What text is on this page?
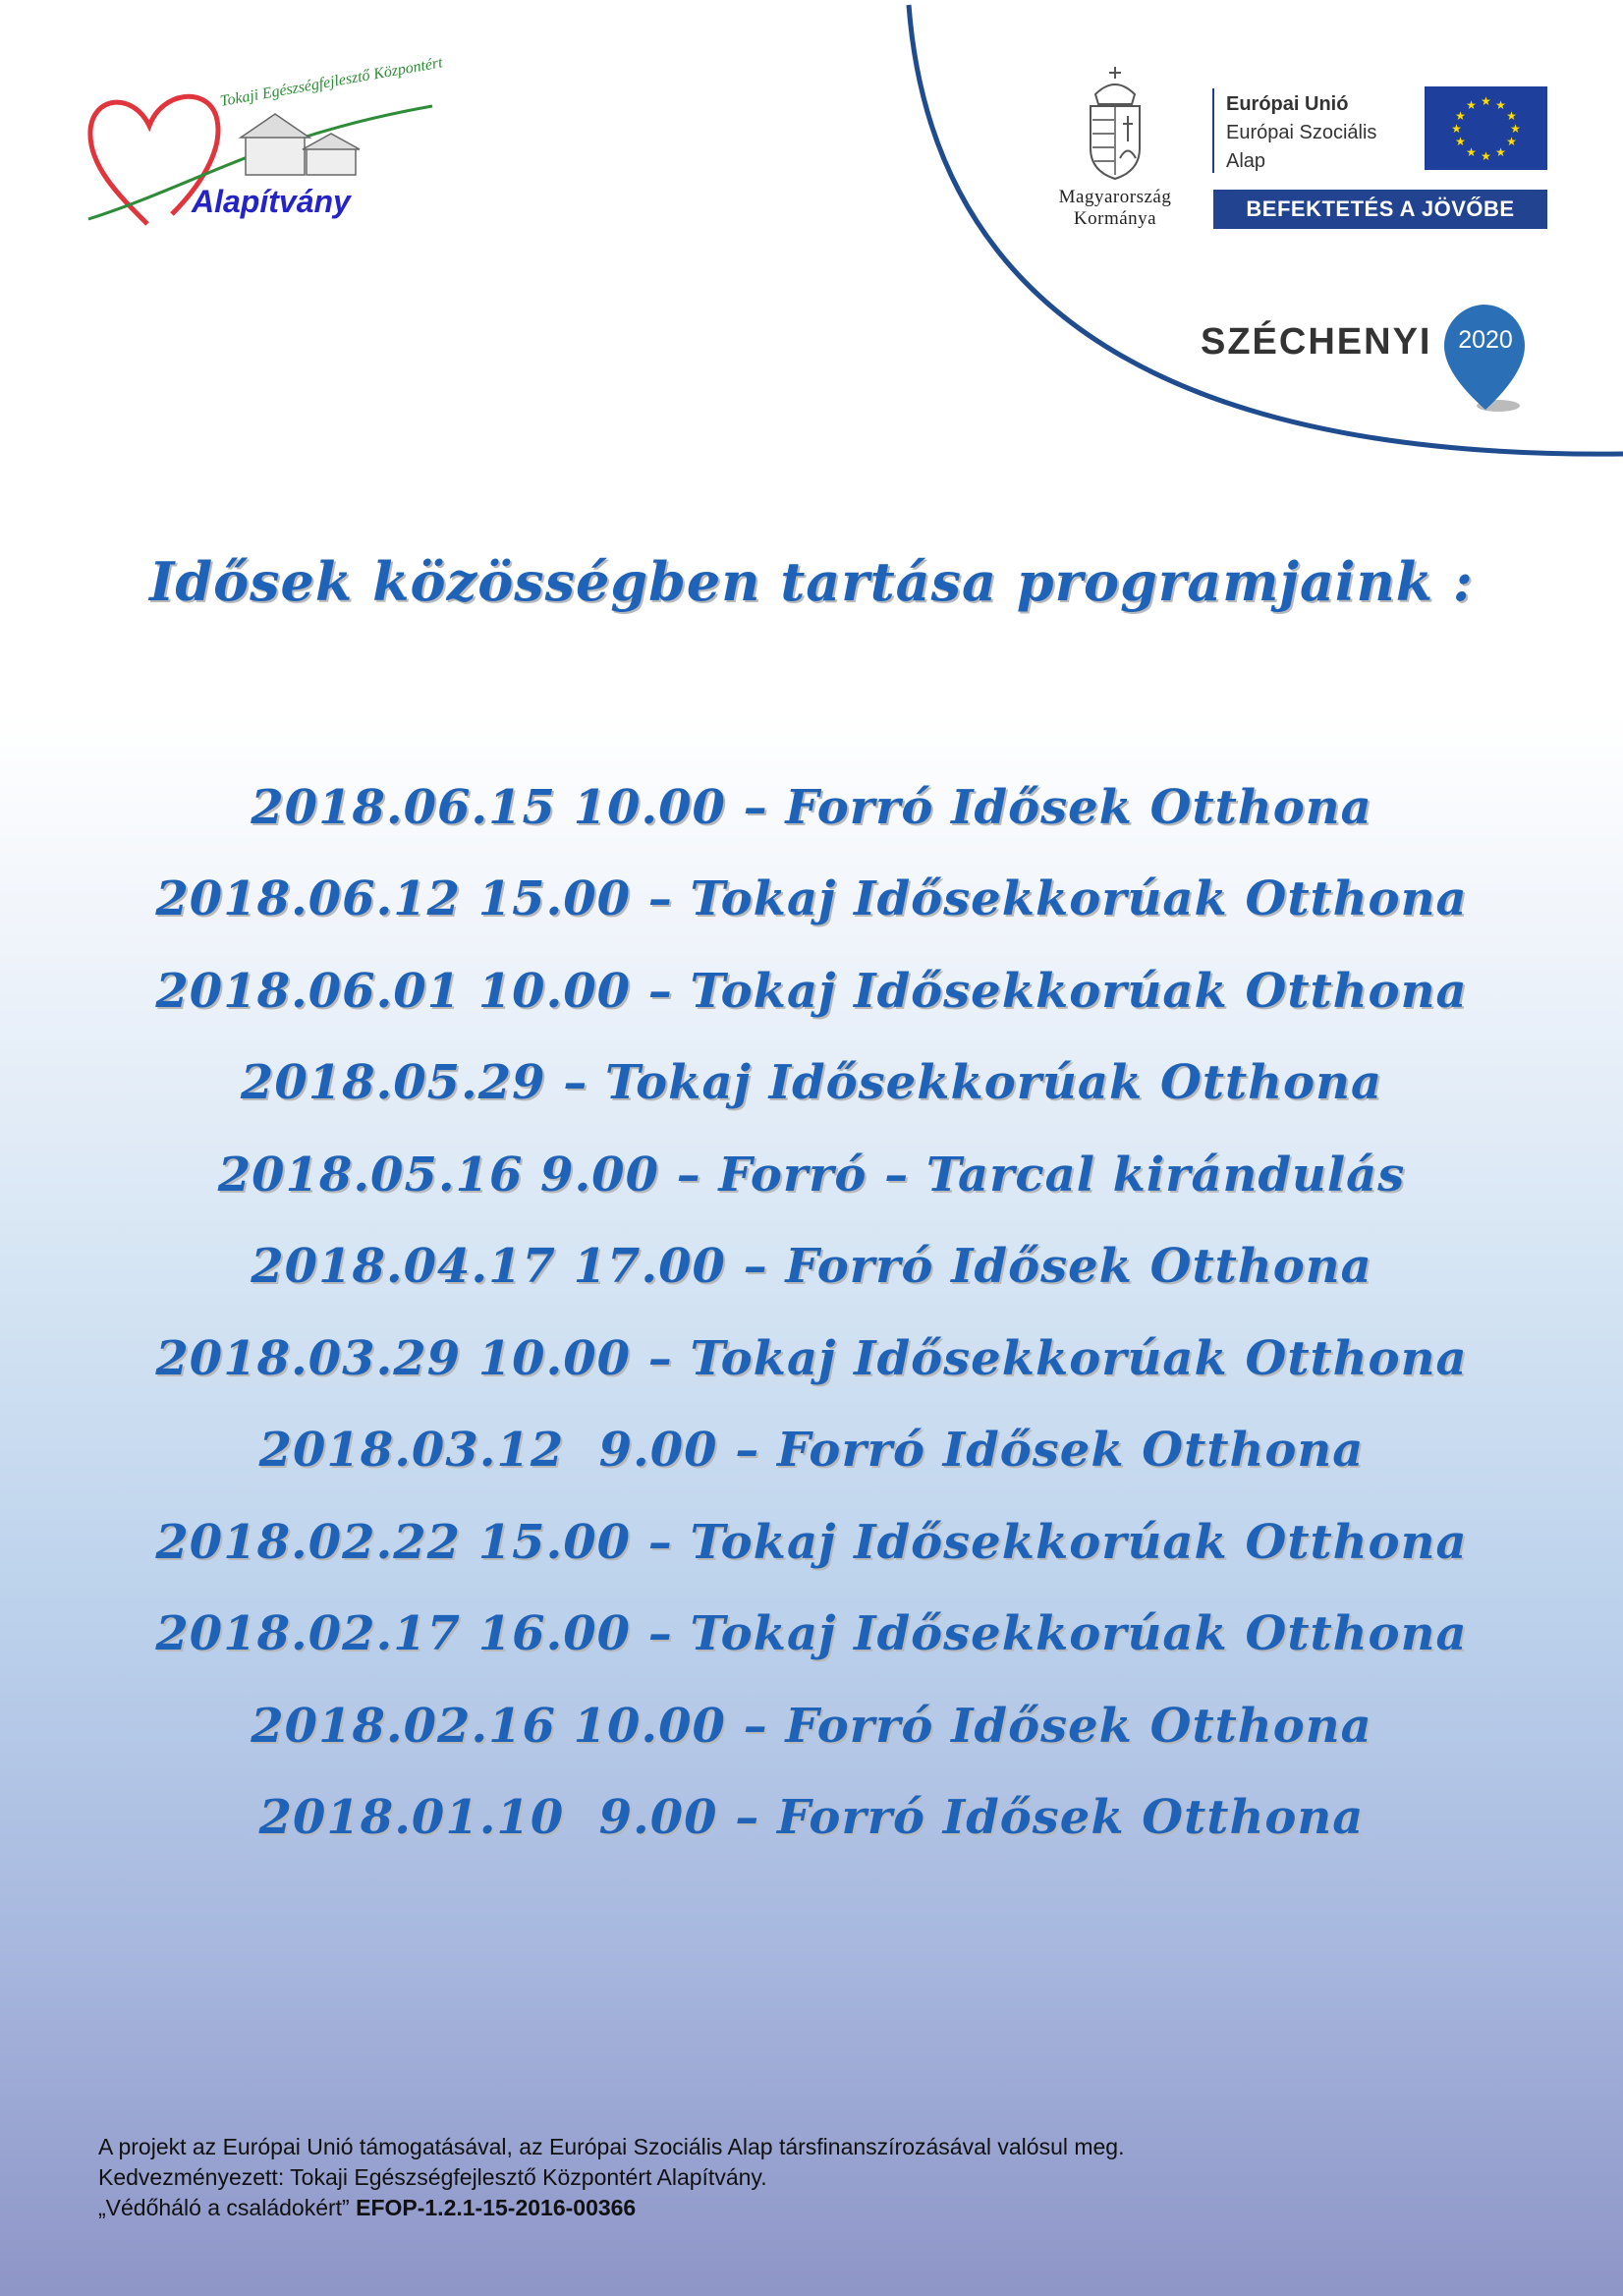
Tokaji Egészségfejlesztő Központért
Alapítvány	Magyarország
Kormánya
Európai Unió
Európai Szociális
Alap
★ ★
★
★
★
★
★
★
★
★
★
★
BEFEKTETÉS A JÖVŐBE
SZÉCHENYI	2020
Idősek közösségben tartása programjaink :
2018.06.15 10.00 – Forró Idősek Otthona
2018.06.12 15.00 – Tokaj Idősekkorúak Otthona
2018.06.01 10.00 – Tokaj Idősekkorúak Otthona
2018.05.29 – Tokaj Idősekkorúak Otthona
2018.05.16 9.00 – Forró – Tarcal kirándulás
2018.04.17 17.00 – Forró Idősek Otthona
2018.03.29 10.00 – Tokaj Idősekkorúak Otthona
2018.03.12  9.00 – Forró Idősek Otthona
2018.02.22 15.00 – Tokaj Idősekkorúak Otthona
2018.02.17 16.00 – Tokaj Idősekkorúak Otthona
2018.02.16 10.00 – Forró Idősek Otthona
2018.01.10  9.00 – Forró Idősek Otthona

A projekt az Európai Unió támogatásával, az Európai Szociális Alap társfinanszírozásával valósul meg.

Kedvezményezett: Tokaji Egészségfejlesztő Központért Alapítvány.

„Védőháló a családokért” EFOP-1.2.1-15-2016-00366
